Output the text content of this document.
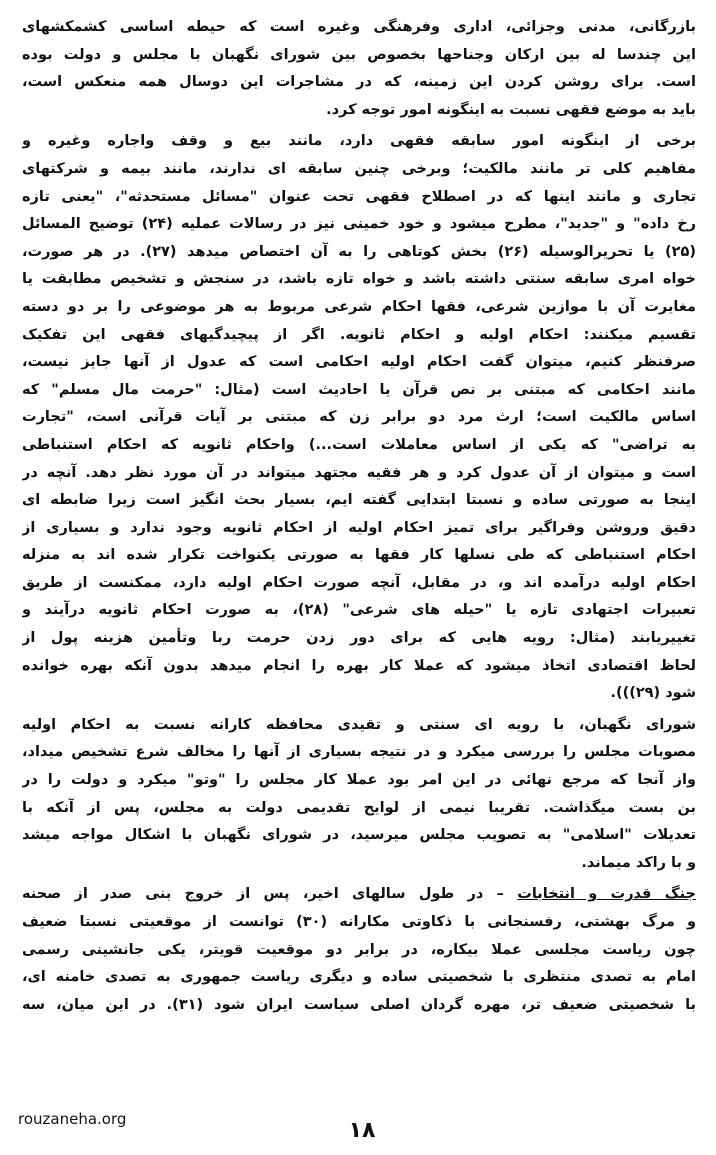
بازرگانی، مدنی وجزائی، اداری وفرهنگی وغیره است که حیطه اساسی کشمکشهای
این چندسا له بین ارکان وجناحها بخصوص بین شورای نگهبان با مجلس و دولت بوده
است. برای روشن کردن این زمینه، که در مشاجرات این دوسال همه منعکس است،
باید به موضع فقهی نسبت به اینگونه امور توجه کرد.
برخی از اینگونه امور سابقه فقهی دارد، مانند بیع و وقف واجاره وغیره و
مفاهیم کلی تر مانند مالکیت؛ وبرخی چنین سابقه ای ندارند، مانند بیمه و شرکتهای
تجاری و مانند اینها که در اصطلاح فقهی تحت عنوان "مسائل مستحدثه"، "یعنی تازه
رخ داده" و "جدید"، مطرح میشود و خود خمینی نیز در رسالات عملیه (۲۴) توضیح المسائل
(۲۵) یا تحریرالوسیله (۲۶) بخش کوتاهی را به آن اختصاص میدهد (۲۷). در هر صورت،
خواه امری سابقه سنتی داشته باشد و خواه تازه باشد، در سنجش و تشخیص مطابقت یا
مغایرت آن با موازین شرعی، فقها احکام شرعی مربوط به هر موضوعی را بر دو دسته
تقسیم میکنند: احکام اولیه و احکام ثانویه. اگر از پیچیدگیهای فقهی این تفکیک
صرفنظر کنیم، میتوان گفت احکام اولیه احکامی است که عدول از آنها جایز نیست،
مانند احکامی که مبتنی بر نص قرآن یا احادیث است (مثال: "حرمت مال مسلم" که
اساس مالکیت است؛ ارث مرد دو برابر زن که مبتنی بر آیات قرآنی است، "تجارت
به تراضی" که یکی از اساس معاملات است...) واحکام ثانویه که احکام استنباطی
است و میتوان از آن عدول کرد و هر فقیه مجتهد میتواند در آن مورد نظر دهد. آنچه در
اینجا به صورتی ساده و نسبتا ابتدایی گفته ایم، بسیار بحث انگیز است زیرا ضابطه ای
دقیق وروشن وفراگیر برای تمیز احکام اولیه از احکام ثانویه وجود ندارد و بسیاری از
احکام استنباطی که طی نسلها کار فقها به صورتی یکنواخت تکرار شده اند به منزله
احکام اولیه درآمده اند و، در مقابل، آنچه صورت احکام اولیه دارد، ممکنست از طریق
تعبیرات اجتهادی تازه یا "حیله های شرعی" (۲۸)، به صورت احکام ثانویه درآیند و
تغییریابند (مثال: رویه هایی که برای دور زدن حرمت ربا وتأمین هزینه پول از
لحاظ اقتصادی اتخاذ میشود که عملا کار بهره را انجام میدهد بدون آنکه بهره خوانده
شود (۲۹))).
شورای نگهبان، با رویه ای سنتی و تقیدی محافظه کارانه نسبت به احکام اولیه
مصوبات مجلس را بررسی میکرد و در نتیجه بسیاری از آنها را مخالف شرع تشخیص میداد،
واز آنجا که مرجع نهائی در این امر بود عملا کار مجلس را "وتو" میکرد و دولت را در
بن بست میگذاشت. تقریبا نیمی از لوایح تقدیمی دولت به مجلس، پس از آنکه با
تعدیلات "اسلامی" به تصویب مجلس میرسید، در شورای نگهبان با اشکال مواجه میشد
و با راکد میماند.
جنگ قدرت و انتخابات – در طول سالهای اخیر، پس از خروج بنی صدر از صحنه
و مرگ بهشتی، رفسنجانی با ذکاوتی مکارانه (۳۰) توانست از موقعیتی نسبتا ضعیف
چون ریاست مجلسی عملا بیکاره، در برابر دو موقعیت قویتر، یکی جانشینی رسمی
امام به تصدی منتظری با شخصیتی ساده و دیگری ریاست جمهوری به تصدی خامنه ای،
با شخصیتی ضعیف تر، مهره گردان اصلی سیاست ایران شود (۳۱). در این میان، سه
rouzaneha.org	۱۸
